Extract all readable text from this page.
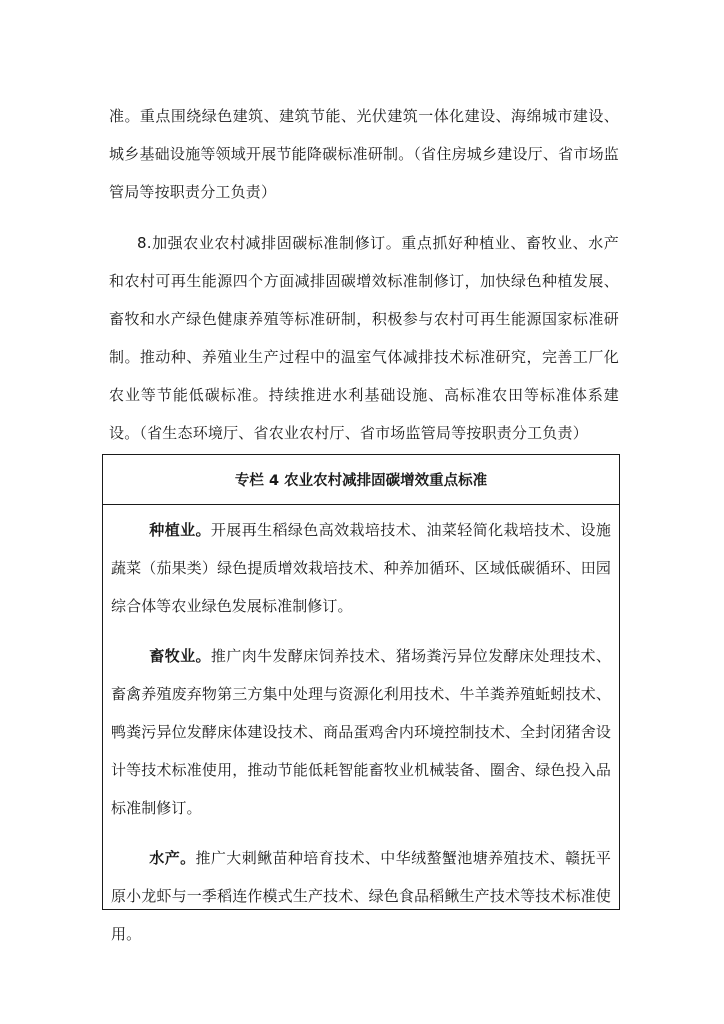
准。重点围绕绿色建筑、建筑节能、光伏建筑一体化建设、海绵城市建设、城乡基础设施等领域开展节能降碳标准研制。（省住房城乡建设厅、省市场监管局等按职责分工负责）

8.加强农业农村减排固碳标准制修订。重点抓好种植业、畜牧业、水产和农村可再生能源四个方面减排固碳增效标准制修订，加快绿色种植发展、畜牧和水产绿色健康养殖等标准研制，积极参与农村可再生能源国家标准研制。推动种、养殖业生产过程中的温室气体减排技术标准研究，完善工厂化农业等节能低碳标准。持续推进水利基础设施、高标准农田等标准体系建设。（省生态环境厅、省农业农村厅、省市场监管局等按职责分工负责）

专栏 4 农业农村减排固碳增效重点标准

种植业。开展再生稻绿色高效栽培技术、油菜轻简化栽培技术、设施蔬菜（茄果类）绿色提质增效栽培技术、种养加循环、区域低碳循环、田园综合体等农业绿色发展标准制修订。

畜牧业。推广肉牛发酵床饲养技术、猪场粪污异位发酵床处理技术、畜禽养殖废弃物第三方集中处理与资源化利用技术、牛羊粪养殖蚯蚓技术、鸭粪污异位发酵床体建设技术、商品蛋鸡舍内环境控制技术、全封闭猪舍设计等技术标准使用，推动节能低耗智能畜牧业机械装备、圈舍、绿色投入品标准制修订。

水产。推广大刺鳅苗种培育技术、中华绒螯蟹池塘养殖技术、赣抚平原小龙虾与一季稻连作模式生产技术、绿色食品稻鳅生产技术等技术标准使用。
